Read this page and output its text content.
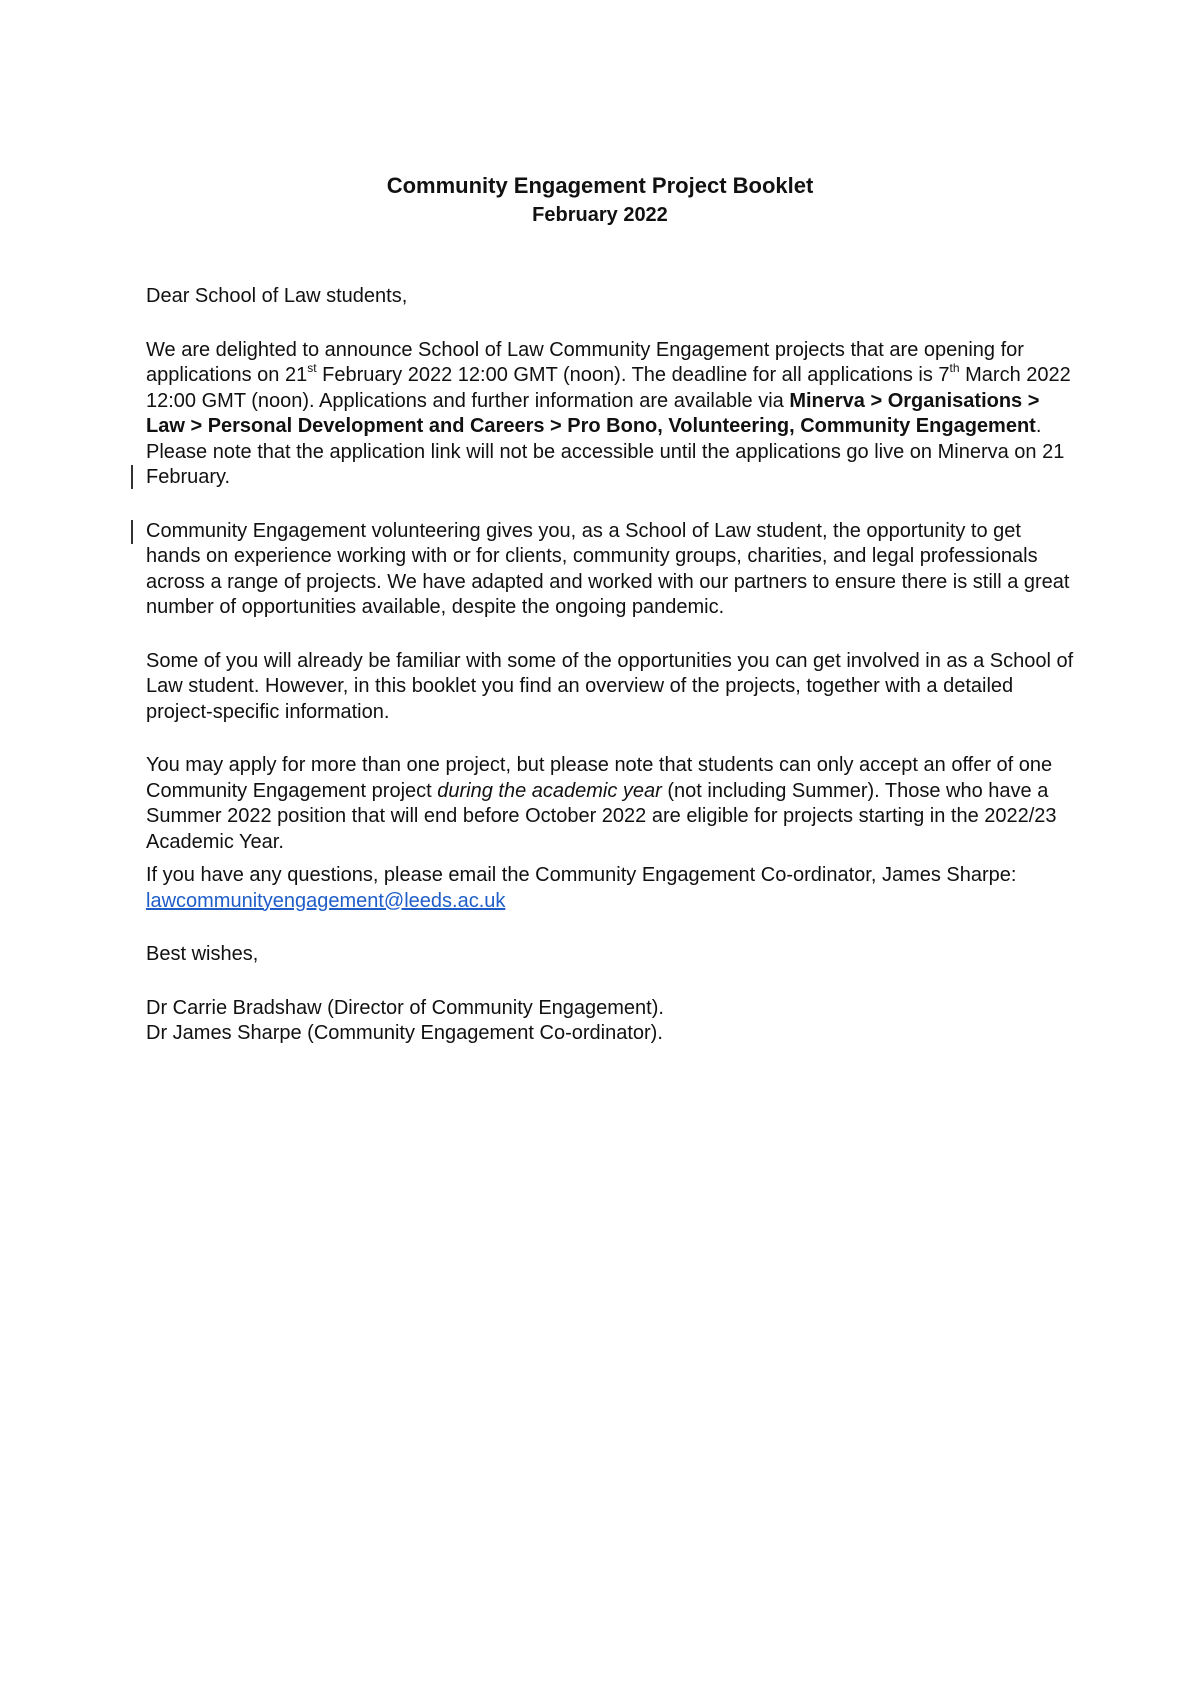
Community Engagement Project Booklet
February 2022

Dear School of Law students,

We are delighted to announce School of Law Community Engagement projects that are opening for applications on 21st February 2022 12:00 GMT (noon). The deadline for all applications is 7th March 2022 12:00 GMT (noon). Applications and further information are available via Minerva > Organisations > Law > Personal Development and Careers > Pro Bono, Volunteering, Community Engagement. Please note that the application link will not be accessible until the applications go live on Minerva on 21 February.

Community Engagement volunteering gives you, as a School of Law student, the opportunity to get hands on experience working with or for clients, community groups, charities, and legal professionals across a range of projects. We have adapted and worked with our partners to ensure there is still a great number of opportunities available, despite the ongoing pandemic.

Some of you will already be familiar with some of the opportunities you can get involved in as a School of Law student. However, in this booklet you find an overview of the projects, together with a detailed project-specific information.

You may apply for more than one project, but please note that students can only accept an offer of one Community Engagement project during the academic year (not including Summer). Those who have a Summer 2022 position that will end before October 2022 are eligible for projects starting in the 2022/23 Academic Year.

If you have any questions, please email the Community Engagement Co-ordinator, James Sharpe: lawcommunityengagement@leeds.ac.uk

Best wishes,

Dr Carrie Bradshaw (Director of Community Engagement).

Dr James Sharpe (Community Engagement Co-ordinator).
